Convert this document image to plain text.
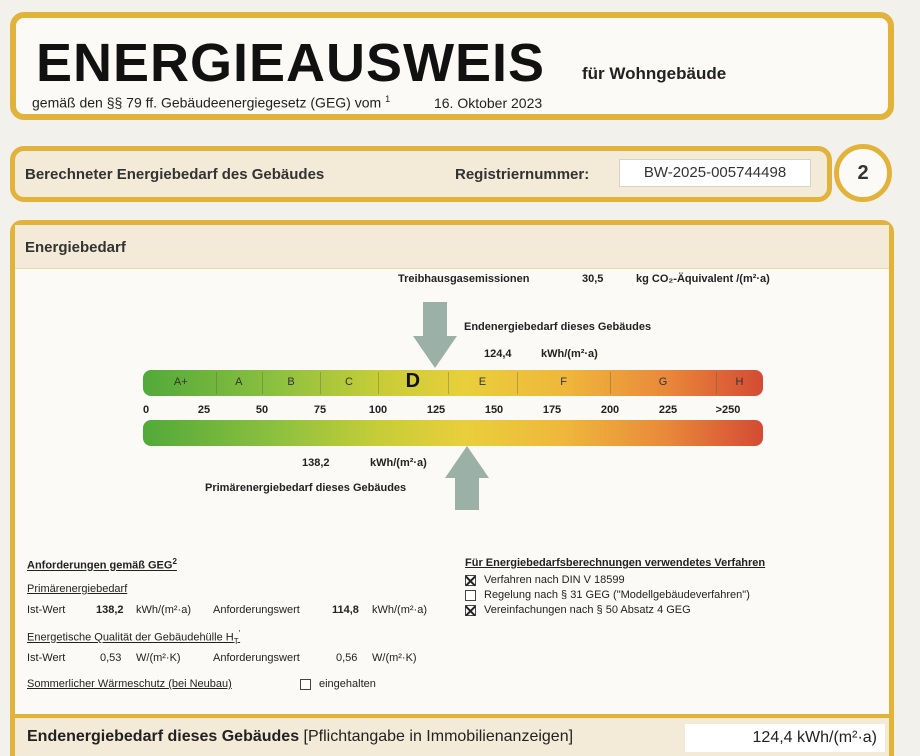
ENERGIEAUSWEIS für Wohngebäude
gemäß den §§ 79 ff. Gebäudeenergiegesetz (GEG) vom $^1$	16. Oktober 2023
Berechneter Energiebedarf des Gebäudes	Registriernummer:	BW-2025-005744498	2
Energiebedarf
Treibhausgasemissionen	30,5	kg CO₂-Äquivalent /(m²·a)
Endenergiebedarf dieses Gebäudes
124,4	kWh/(m²·a)
A+	A	B	C	D	E	F	G	H
0	25	50	75	100	125	150	175	200	225	>250
138,2	kWh/(m²·a)
Primärenergiebedarf dieses Gebäudes
Anforderungen gemäß GEG$^2$
Primärenergiebedarf
Ist-Wert	138,2 kWh/(m²·a) Anforderungswert	114,8 kWh/(m²·a)
Energetische Qualität der Gebäudehülle $H_T'$
Ist-Wert	0,53 W/(m²·K)	Anforderungswert	0,56 W/(m²·K)
Sommerlicher Wärmeschutz (bei Neubau)	eingehalten
Für Energiebedarfsberechnungen verwendetes Verfahren
Verfahren nach DIN V 18599
Regelung nach § 31 GEG ("Modellgebäudeverfahren")
Vereinfachungen nach § 50 Absatz 4 GEG
Endenergiebedarf dieses Gebäudes [Pflichtangabe in Immobilienanzeigen]	124,4 kWh/(m²·a)
